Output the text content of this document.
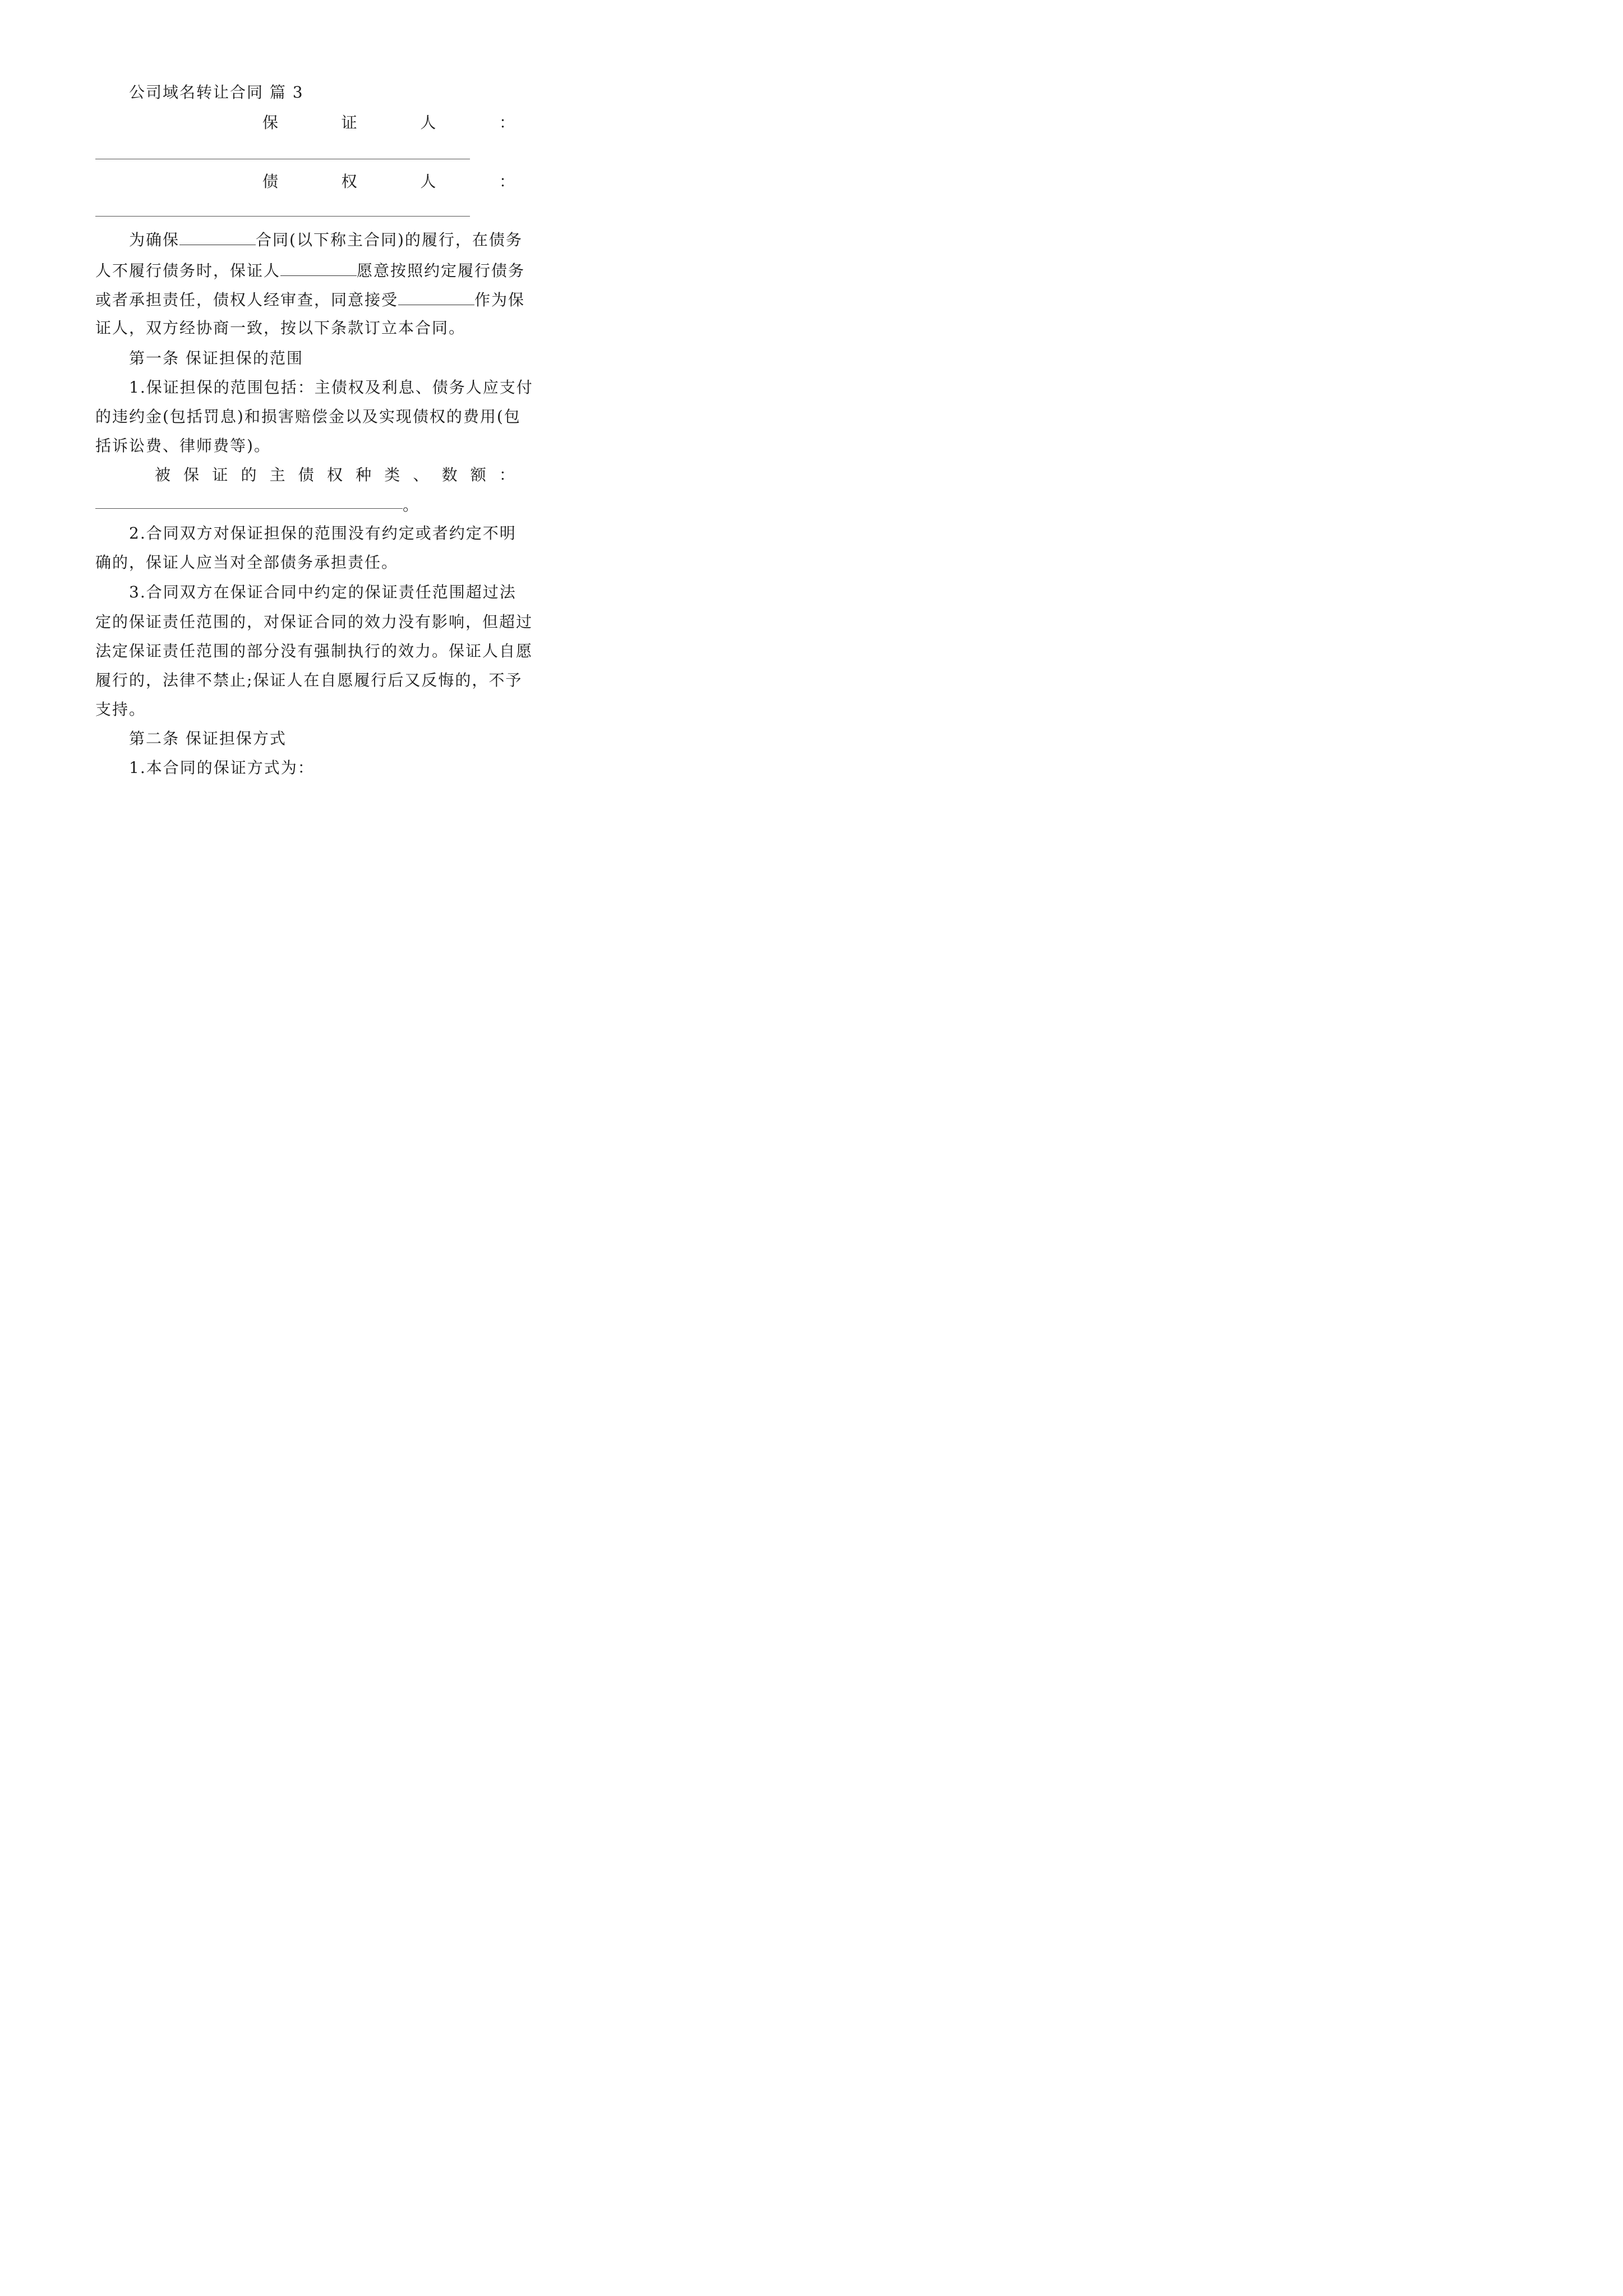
公司域名转让合同 篇 3
保	证	人	：
债	权	人	：
为确保	合同(以下称主合同)的履行，在债务
人不履行债务时，保证人	愿意按照约定履行债务
或者承担责任，债权人经审查，同意接受	作为保
证人，双方经协商一致，按以下条款订立本合同。
第一条 保证担保的范围
1.保证担保的范围包括：主债权及利息、债务人应支付
的违约金(包括罚息)和损害赔偿金以及实现债权的费用(包
括诉讼费、律师费等)。
被 保 证 的 主 债 权 种 类 、 数 额 ：
。
2.合同双方对保证担保的范围没有约定或者约定不明
确的，保证人应当对全部债务承担责任。
3.合同双方在保证合同中约定的保证责任范围超过法
定的保证责任范围的，对保证合同的效力没有影响，但超过
法定保证责任范围的部分没有强制执行的效力。保证人自愿
履行的，法律不禁止;保证人在自愿履行后又反悔的，不予
支持。
第二条 保证担保方式
1.本合同的保证方式为：
